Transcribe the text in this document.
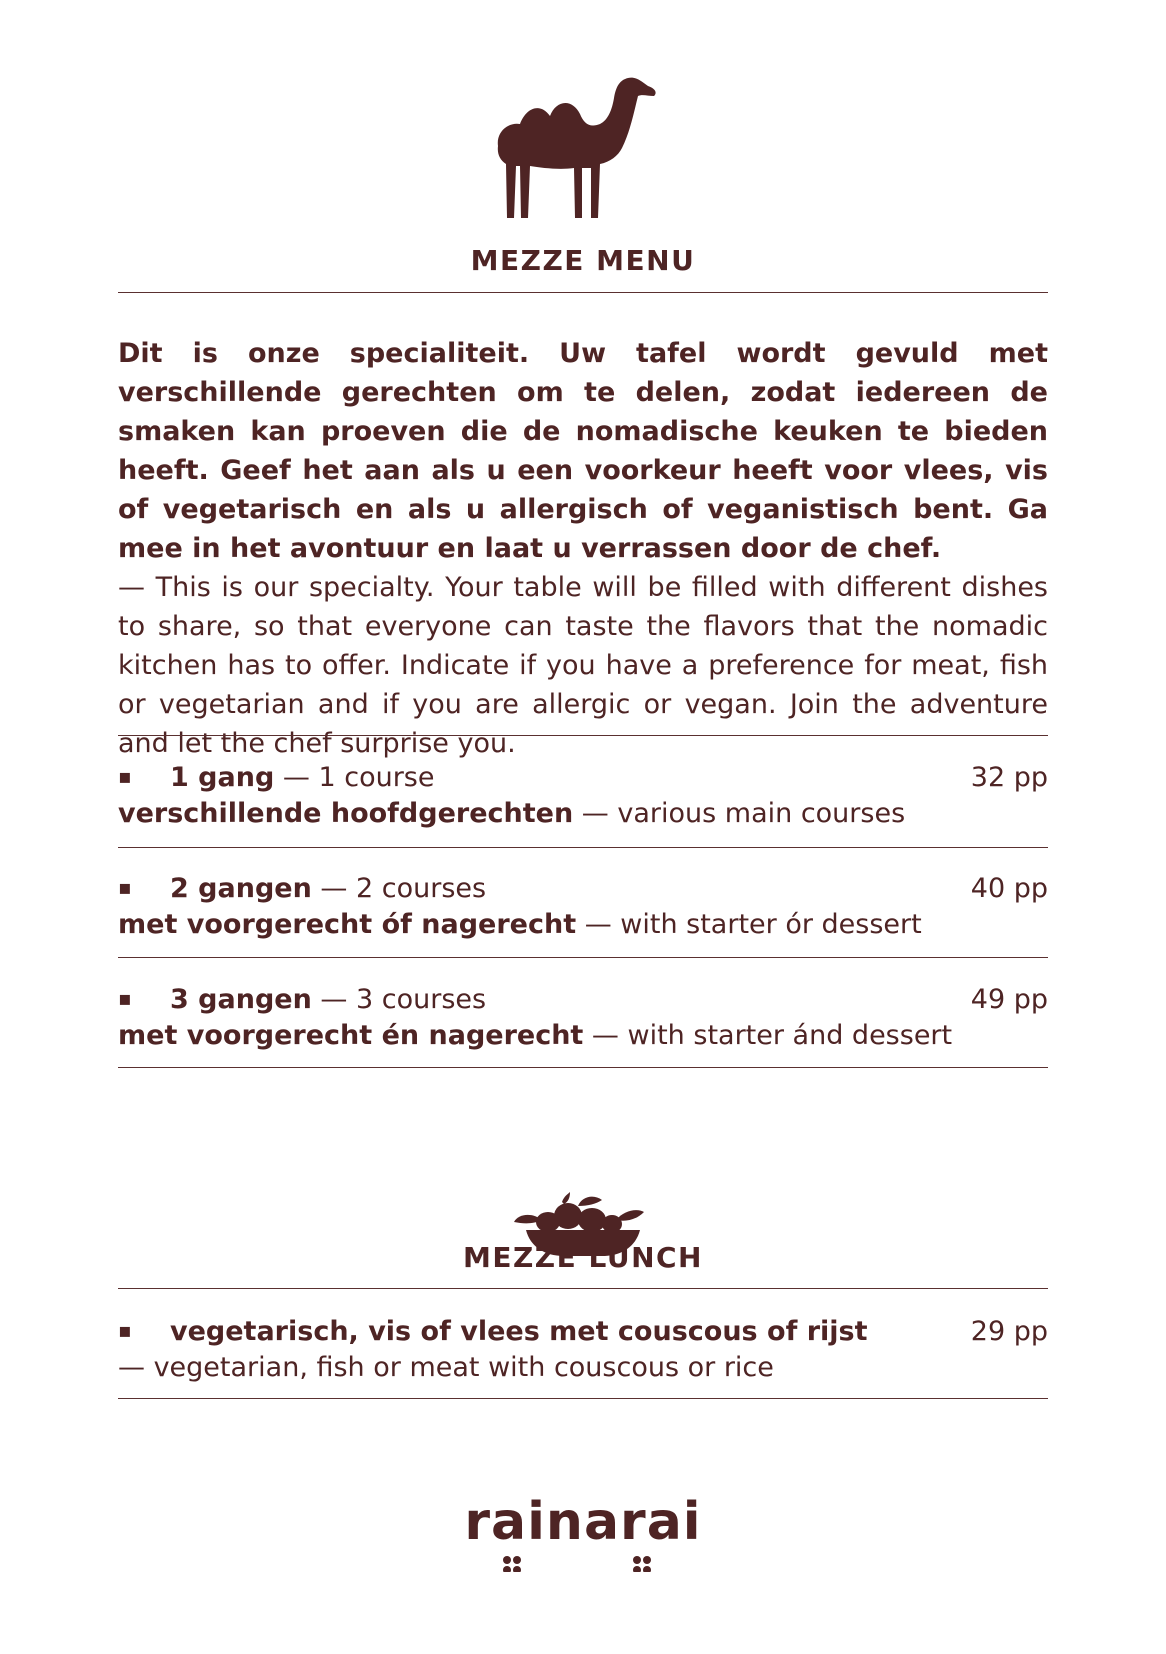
MEZZE MENU

Dit is onze specialiteit. Uw tafel wordt gevuld met verschillende gerechten om te delen, zodat iedereen de smaken kan proeven die de nomadische keuken te bieden heeft. Geef het aan als u een voorkeur heeft voor vlees, vis of vegetarisch en als u allergisch of veganistisch bent. Ga mee in het avontuur en laat u verrassen door de chef.
— This is our specialty. Your table will be filled with different dishes to share, so that everyone can taste the flavors that the nomadic kitchen has to offer. Indicate if you have a preference for meat, fish or vegetarian and if you are allergic or vegan. Join the adventure and let the chef surprise you.

▪ 1 gang — 1 course	32 pp
verschillende hoofdgerechten — various main courses
▪ 2 gangen — 2 courses	40 pp
met voorgerecht óf nagerecht — with starter ór dessert
▪ 3 gangen — 3 courses	49 pp
met voorgerecht én nagerecht — with starter ánd dessert
MEZZE LUNCH
▪ vegetarisch, vis of vlees met couscous of rijst	29 pp
— vegetarian, fish or meat with couscous or rice
rainarai
